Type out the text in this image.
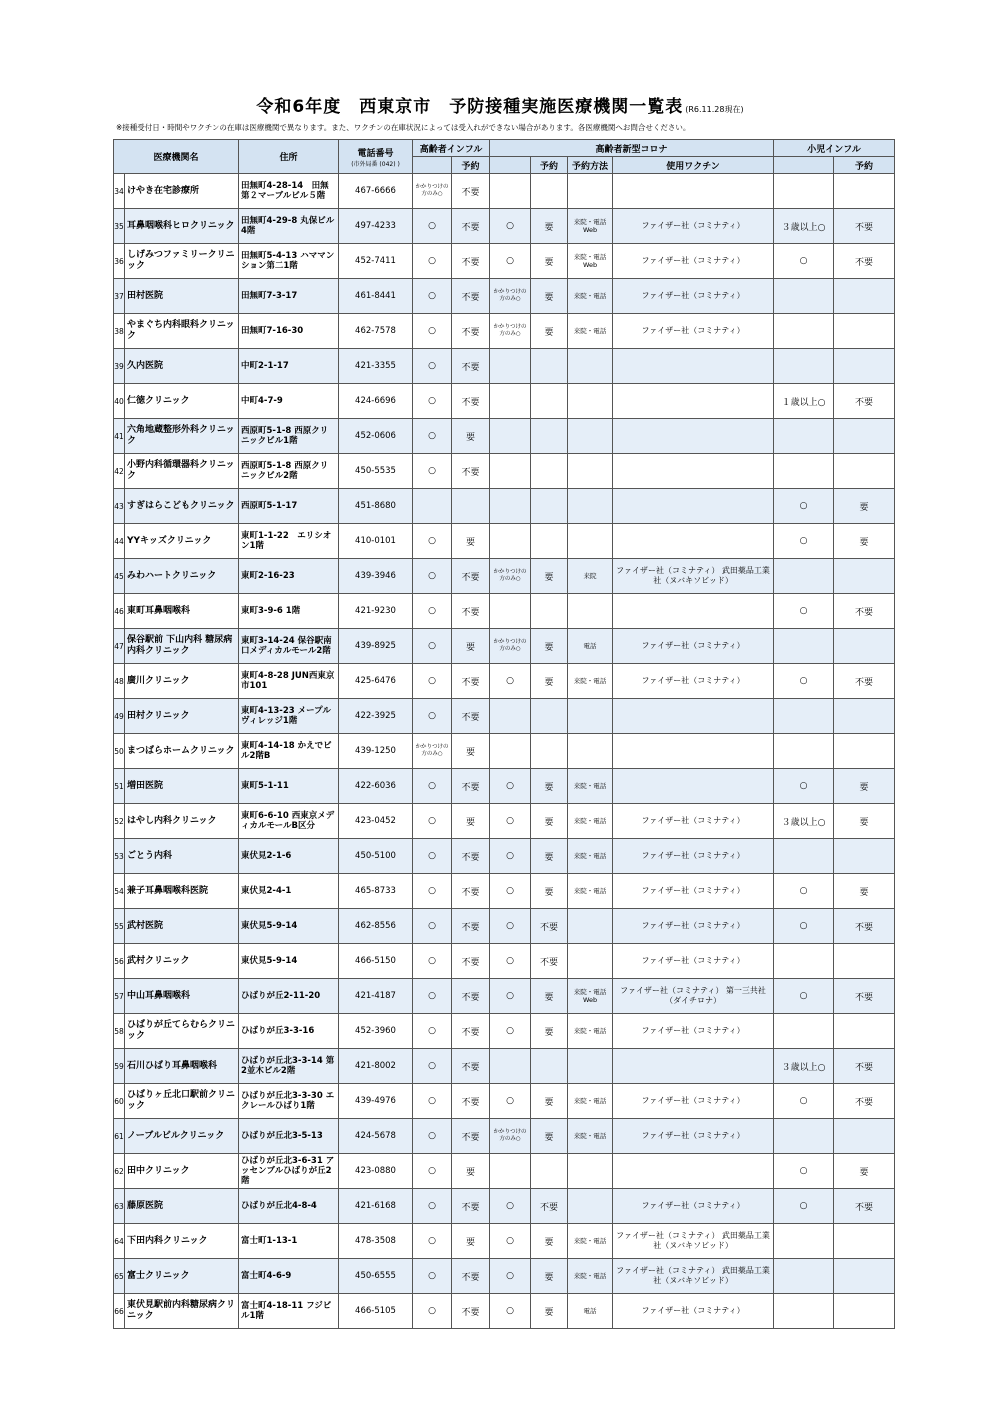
令和6年度　西東京市　予防接種実施医療機関一覧表 (R6.11.28現在)
※接種受付日・時間やワクチンの在庫は医療機関で異なります。また、ワクチンの在庫状況によっては受入れができない場合があります。各医療機関へお問合せください。
医療機関名		住所	電話番号
(市外局番 (042) )	高齢者インフル		高齢者新型コロナ				小児インフル	
					予約		予約	予約方法	使用ワクチン		予約
34	けやき在宅診療所	田無町4-28-14　田無第２マーブルビル５階	467-6666	かかりつけの方のみ○	不要						
35	耳鼻咽喉科ヒロクリニック	田無町4-29-8 丸保ビル4階	497-4233	○	不要	○	要	来院・電話 Web	ファイザー社（コミナティ）	３歳以上○	不要
36	しげみつファミリークリニック	田無町5-4-13 ハママンション第二1階	452-7411	○	不要	○	要	来院・電話 Web	ファイザー社（コミナティ）	○	不要
37	田村医院	田無町7-3-17	461-8441	○	不要	かかりつけの方のみ○	要	来院・電話	ファイザー社（コミナティ）		
38	やまぐち内科眼科クリニック	田無町7-16-30	462-7578	○	不要	かかりつけの方のみ○	要	来院・電話	ファイザー社（コミナティ）		
39	久内医院	中町2-1-17	421-3355	○	不要						
40	仁徳クリニック	中町4-7-9	424-6696	○	不要					１歳以上○	不要
41	六角地蔵整形外科クリニック	西原町5-1-8 西原クリニックビル1階	452-0606	○	要						
42	小野内科循環器科クリニック	西原町5-1-8 西原クリニックビル2階	450-5535	○	不要						
43	すぎはらこどもクリニック	西原町5-1-17	451-8680							○	要
44	YYキッズクリニック	東町1-1-22　エリシオン1階	410-0101	○	要					○	要
45	みわハートクリニック	東町2-16-23	439-3946	○	不要	かかりつけの方のみ○	要	来院	ファイザー社（コミナティ） 武田薬品工業社（ヌバキソビッド）		
46	東町耳鼻咽喉科	東町3-9-6 1階	421-9230	○	不要					○	不要
47	保谷駅前 下山内科 糖尿病内科クリニック	東町3-14-24 保谷駅南口メディカルモール2階	439-8925	○	要	かかりつけの方のみ○	要	電話	ファイザー社（コミナティ）		
48	廣川クリニック	東町4-8-28 JUN西東京市101	425-6476	○	不要	○	要	来院・電話	ファイザー社（コミナティ）	○	不要
49	田村クリニック	東町4-13-23 メープルヴィレッジ1階	422-3925	○	不要						
50	まつばらホームクリニック	東町4-14-18 かえでビル2階B	439-1250	かかりつけの方のみ○	要						
51	増田医院	東町5-1-11	422-6036	○	不要	○	要	来院・電話		○	要
52	はやし内科クリニック	東町6-6-10 西東京メディカルモールB区分	423-0452	○	要	○	要	来院・電話	ファイザー社（コミナティ）	３歳以上○	要
53	ごとう内科	東伏見2-1-6	450-5100	○	不要	○	要	来院・電話	ファイザー社（コミナティ）		
54	兼子耳鼻咽喉科医院	東伏見2-4-1	465-8733	○	不要	○	要	来院・電話	ファイザー社（コミナティ）	○	要
55	武村医院	東伏見5-9-14	462-8556	○	不要	○	不要		ファイザー社（コミナティ）	○	不要
56	武村クリニック	東伏見5-9-14	466-5150	○	不要	○	不要		ファイザー社（コミナティ）		
57	中山耳鼻咽喉科	ひばりが丘2-11-20	421-4187	○	不要	○	要	来院・電話 Web	ファイザー社（コミナティ） 第一三共社（ダイチロナ）	○	不要
58	ひばりが丘てらむらクリニック	ひばりが丘3-3-16	452-3960	○	不要	○	要	来院・電話	ファイザー社（コミナティ）		
59	石川ひばり耳鼻咽喉科	ひばりが丘北3-3-14 第2並木ビル2階	421-8002	○	不要					３歳以上○	不要
60	ひばりヶ丘北口駅前クリニック	ひばりが丘北3-3-30 エクレールひばり1階	439-4976	○	不要	○	要	来院・電話	ファイザー社（コミナティ）	○	不要
61	ノーブルビルクリニック	ひばりが丘北3-5-13	424-5678	○	不要	かかりつけの方のみ○	要	来院・電話	ファイザー社（コミナティ）		
62	田中クリニック	ひばりが丘北3-6-31 アッセンブルひばりが丘2階	423-0880	○	要					○	要
63	藤原医院	ひばりが丘北4-8-4	421-6168	○	不要	○	不要		ファイザー社（コミナティ）	○	不要
64	下田内科クリニック	富士町1-13-1	478-3508	○	要	○	要	来院・電話	ファイザー社（コミナティ） 武田薬品工業社（ヌバキソビッド）		
65	富士クリニック	富士町4-6-9	450-6555	○	不要	○	要	来院・電話	ファイザー社（コミナティ） 武田薬品工業社（ヌバキソビッド）		
66	東伏見駅前内科糖尿病クリニック	富士町4-18-11 フジビル1階	466-5105	○	不要	○	要	電話	ファイザー社（コミナティ）		
